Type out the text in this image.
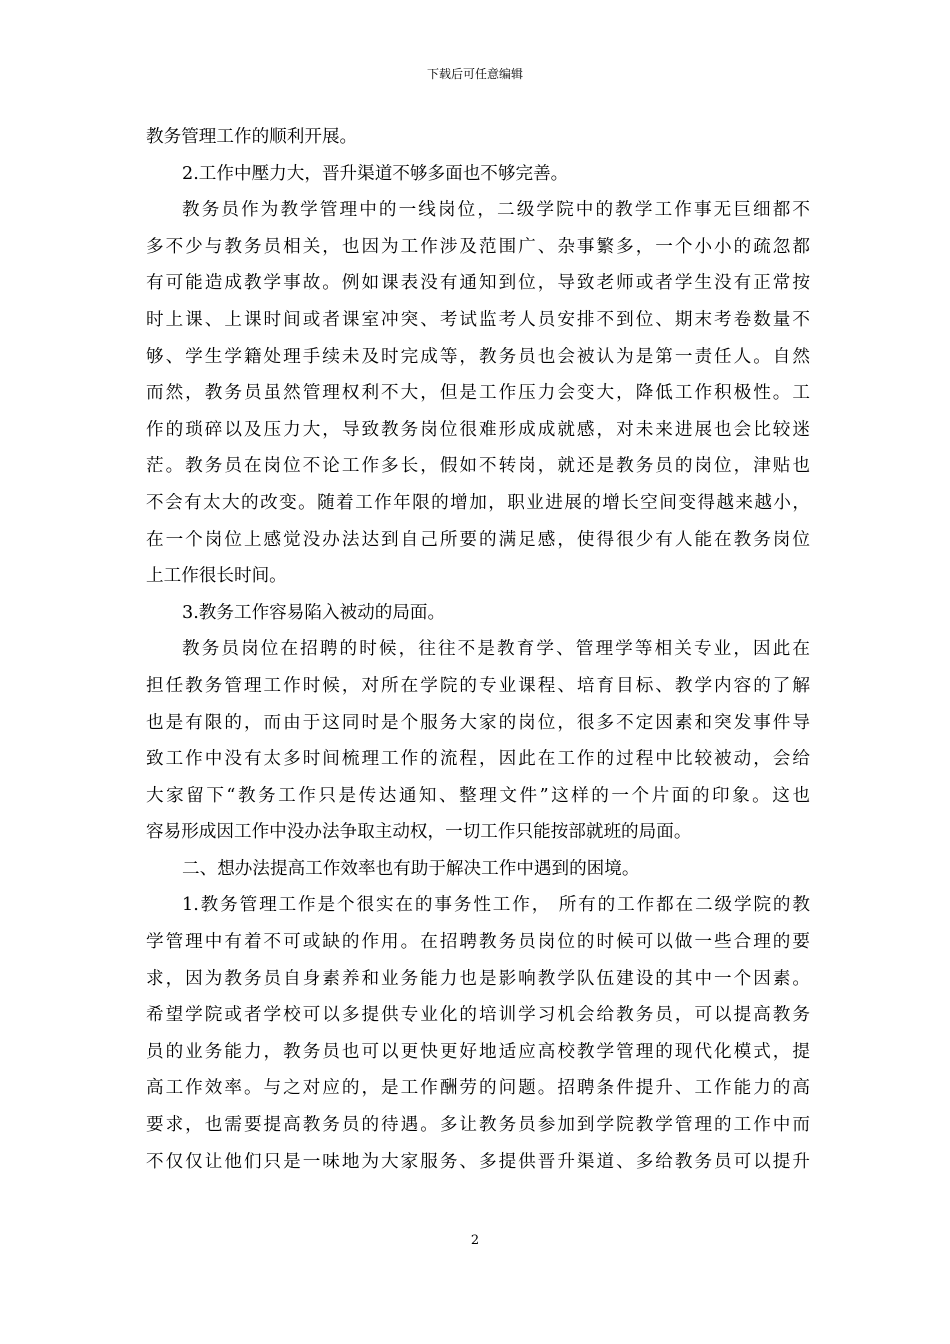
下载后可任意编辑
教务管理工作的顺利开展。
2.工作中壓力大，晋升渠道不够多面也不够完善。
教务员作为教学管理中的一线岗位，二级学院中的教学工作事无巨细都不
多不少与教务员相关，也因为工作涉及范围广、杂事繁多，一个小小的疏忽都
有可能造成教学事故。例如课表没有通知到位，导致老师或者学生没有正常按
时上课、上课时间或者课室冲突、考试监考人员安排不到位、期末考卷数量不
够、学生学籍处理手续未及时完成等，教务员也会被认为是第一责任人。自然
而然，教务员虽然管理权利不大，但是工作压力会变大，降低工作积极性。工
作的琐碎以及压力大，导致教务岗位很难形成成就感，对未来进展也会比较迷
茫。教务员在岗位不论工作多长，假如不转岗，就还是教务员的岗位，津贴也
不会有太大的改变。随着工作年限的增加，职业进展的增长空间变得越来越小，
在一个岗位上感觉没办法达到自己所要的满足感，使得很少有人能在教务岗位
上工作很长时间。
3.教务工作容易陷入被动的局面。
教务员岗位在招聘的时候，往往不是教育学、管理学等相关专业，因此在
担任教务管理工作时候，对所在学院的专业课程、培育目标、教学内容的了解
也是有限的，而由于这同时是个服务大家的岗位，很多不定因素和突发事件导
致工作中没有太多时间梳理工作的流程，因此在工作的过程中比较被动，会给
大家留下“教务工作只是传达通知、整理文件”这样的一个片面的印象。这也
容易形成因工作中没办法争取主动权，一切工作只能按部就班的局面。
二、想办法提高工作效率也有助于解决工作中遇到的困境。
1.教务管理工作是个很实在的事务性工作， 所有的工作都在二级学院的教
学管理中有着不可或缺的作用。在招聘教务员岗位的时候可以做一些合理的要
求，因为教务员自身素养和业务能力也是影响教学队伍建设的其中一个因素。
希望学院或者学校可以多提供专业化的培训学习机会给教务员，可以提高教务
员的业务能力，教务员也可以更快更好地适应高校教学管理的现代化模式，提
高工作效率。与之对应的，是工作酬劳的问题。招聘条件提升、工作能力的高
要求，也需要提高教务员的待遇。多让教务员参加到学院教学管理的工作中而
不仅仅让他们只是一味地为大家服务、多提供晋升渠道、多给教务员可以提升
2
